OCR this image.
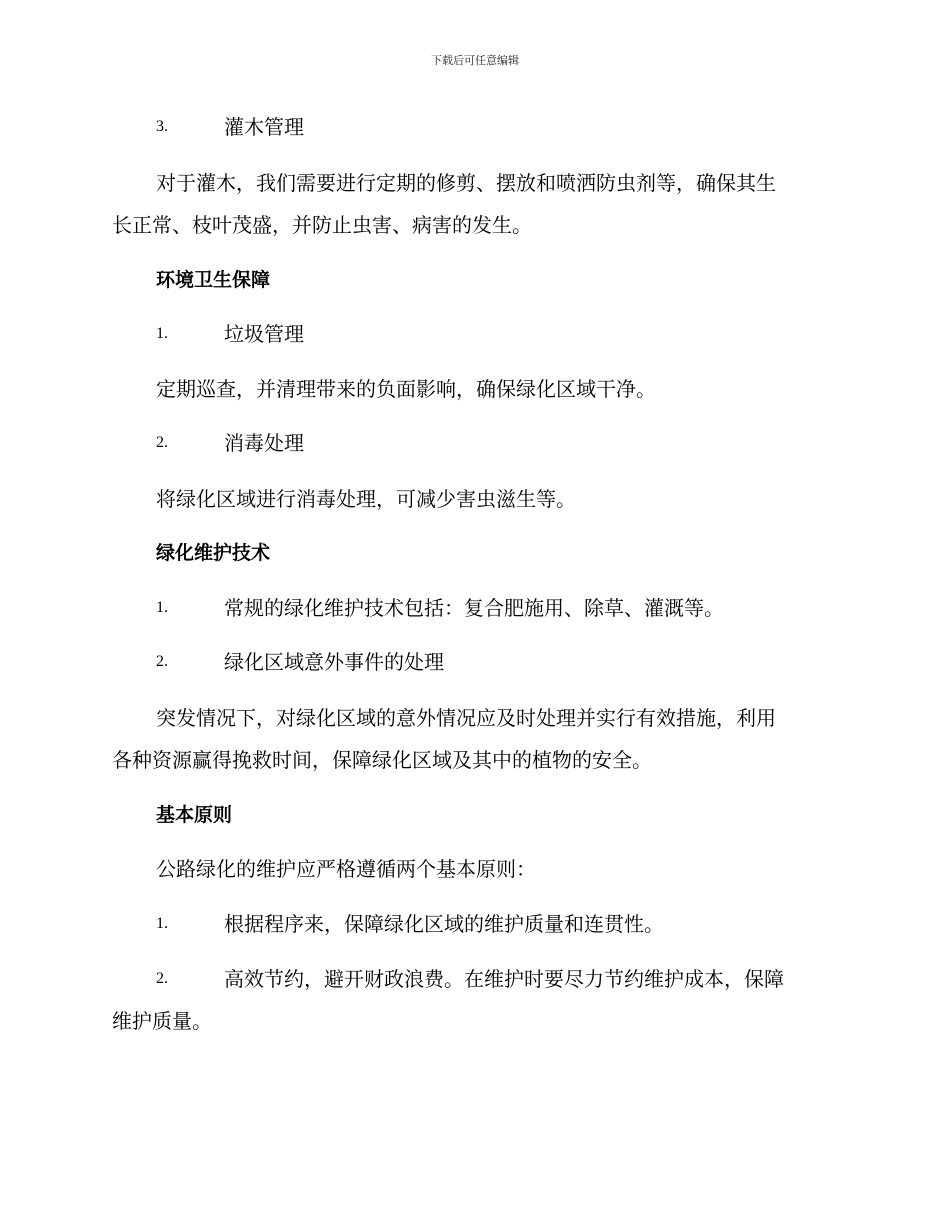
下载后可任意编辑
3.	灌木管理
对于灌木，我们需要进行定期的修剪、摆放和喷洒防虫剂等，确保其生
长正常、枝叶茂盛，并防止虫害、病害的发生。
环境卫生保障
1.	垃圾管理
定期巡查，并清理带来的负面影响，确保绿化区域干净。
2.	消毒处理
将绿化区域进行消毒处理，可减少害虫滋生等。
绿化维护技术
1.	常规的绿化维护技术包括：复合肥施用、除草、灌溉等。
2.	绿化区域意外事件的处理
突发情况下，对绿化区域的意外情况应及时处理并实行有效措施，利用
各种资源赢得挽救时间，保障绿化区域及其中的植物的安全。
基本原则
公路绿化的维护应严格遵循两个基本原则：
1.	根据程序来，保障绿化区域的维护质量和连贯性。
2.	高效节约，避开财政浪费。在维护时要尽力节约维护成本，保障
维护质量。
